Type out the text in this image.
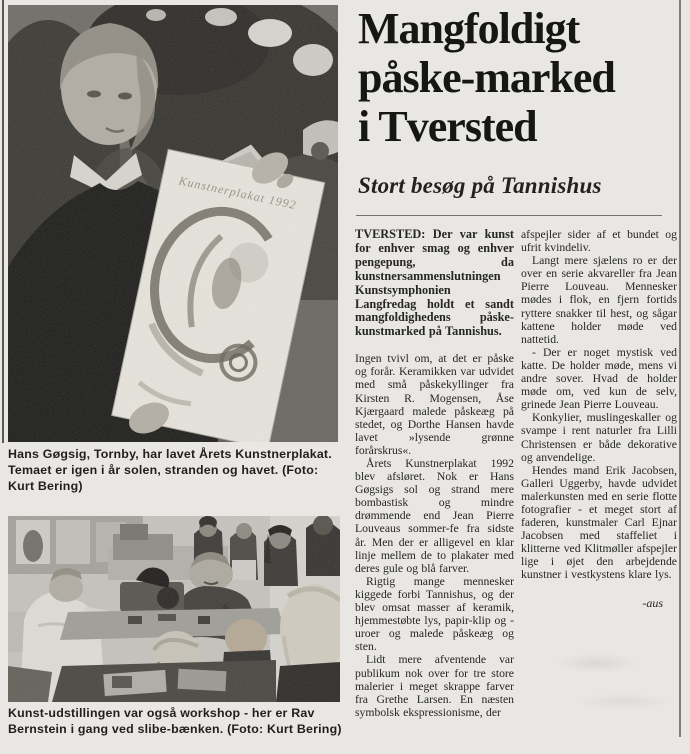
Hans Gøgsig, Tornby, har lavet Årets Kunstnerplakat. Temaet er igen i år solen, stranden og havet. (Foto: Kurt Bering)
Kunst-udstillingen var også workshop - her er Rav Bernstein i gang ved slibe-bænken. (Foto: Kurt Bering)
Mangfoldigt
påske-marked
i Tversted
Stort besøg på Tannishus

TVERSTED: Der var kunst for enhver smag og enhver pengepung, da kunstnersammenslutningen Kunstsymphonien Langfredag holdt et sandt mangfoldighedens påske-kunstmarked på Tannishus.

Ingen tvivl om, at det er påske og forår. Keramikken var udvidet med små påskekyllinger fra Kirsten R. Mogensen, Åse Kjærgaard malede påskeæg på stedet, og Dorthe Hansen havde lavet »lysende grønne forårskrus«.

Årets Kunstnerplakat 1992 blev afsløret. Nok er Hans Gøgsigs sol og strand mere bombastisk og mindre drømmende end Jean Pierre Louveaus sommer-fe fra sidste år. Men der er alligevel en klar linje mellem de to plakater med deres gule og blå farver.

Rigtig mange mennesker kiggede forbi Tannishus, og der blev omsat masser af keramik, hjemmestøbte lys, papir-klip og -uroer og malede påskeæg og sten.

Lidt mere afventende var publikum nok over for tre store malerier i meget skrappe farver fra Grethe Larsen. En næsten symbolsk ekspressionisme, der

afspejler sider af et bundet og ufrit kvindeliv.

Langt mere sjælens ro er der over en serie akvareller fra Jean Pierre Louveau. Mennesker mødes i flok, en fjern fortids ryttere snakker til hest, og sågar kattene holder møde ved nattetid.

- Der er noget mystisk ved katte. De holder møde, mens vi andre sover. Hvad de holder møde om, ved kun de selv, grinede Jean Pierre Louveau.

Konkylier, muslingeskaller og svampe i rent naturler fra Lilli Christensen er både dekorative og anvendelige.

Hendes mand Erik Jacobsen, Galleri Uggerby, havde udvidet malerkunsten med en serie flotte fotografier - et meget stort af faderen, kunstmaler Carl Ejnar Jacobsen med staffeliet i klitterne ved Klitmøller afspejler lige i øjet den arbejdende kunstner i vestkystens klare lys.

-aus
